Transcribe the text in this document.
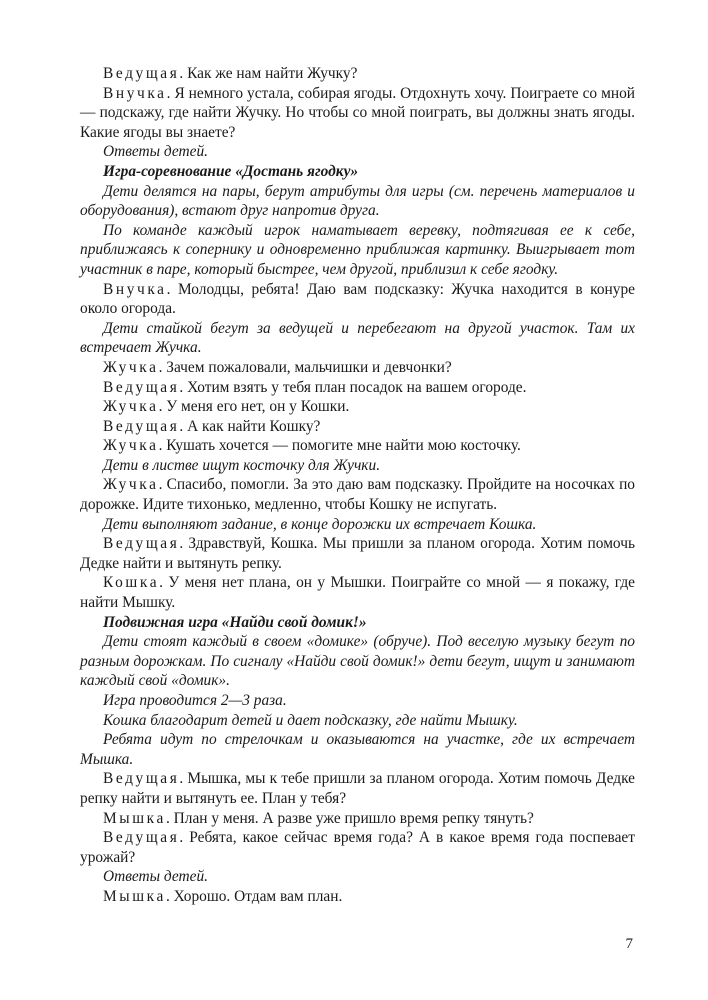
Ведущая. Как же нам найти Жучку?

Внучка. Я немного устала, собирая ягоды. Отдохнуть хочу. Поиграете со мной — подскажу, где найти Жучку. Но чтобы со мной поиграть, вы должны знать ягоды. Какие ягоды вы знаете?

Ответы детей.

Игра-соревнование «Достань ягодку»

Дети делятся на пары, берут атрибуты для игры (см. перечень материалов и оборудования), встают друг напротив друга.

По команде каждый игрок наматывает веревку, подтягивая ее к себе, приближаясь к сопернику и одновременно приближая картинку. Выигрывает тот участник в паре, который быстрее, чем другой, приблизил к себе ягодку.

Внучка. Молодцы, ребята! Даю вам подсказку: Жучка находится в конуре около огорода.

Дети стайкой бегут за ведущей и перебегают на другой участок. Там их встречает Жучка.

Жучка. Зачем пожаловали, мальчишки и девчонки?

Ведущая. Хотим взять у тебя план посадок на вашем огороде.

Жучка. У меня его нет, он у Кошки.

Ведущая. А как найти Кошку?

Жучка. Кушать хочется — помогите мне найти мою косточку.

Дети в листве ищут косточку для Жучки.

Жучка. Спасибо, помогли. За это даю вам подсказку. Пройдите на носочках по дорожке. Идите тихонько, медленно, чтобы Кошку не испугать.

Дети выполняют задание, в конце дорожки их встречает Кошка.

Ведущая. Здравствуй, Кошка. Мы пришли за планом огорода. Хотим помочь Дедке найти и вытянуть репку.

Кошка. У меня нет плана, он у Мышки. Поиграйте со мной — я покажу, где найти Мышку.

Подвижная игра «Найди свой домик!»

Дети стоят каждый в своем «домике» (обруче). Под веселую музыку бегут по разным дорожкам. По сигналу «Найди свой домик!» дети бегут, ищут и занимают каждый свой «домик».

Игра проводится 2—3 раза.

Кошка благодарит детей и дает подсказку, где найти Мышку.

Ребята идут по стрелочкам и оказываются на участке, где их встречает Мышка.

Ведущая. Мышка, мы к тебе пришли за планом огорода. Хотим помочь Дедке репку найти и вытянуть ее. План у тебя?

Мышка. План у меня. А разве уже пришло время репку тянуть?

Ведущая. Ребята, какое сейчас время года? А в какое время года поспевает урожай?

Ответы детей.

Мышка. Хорошо. Отдам вам план.

7
